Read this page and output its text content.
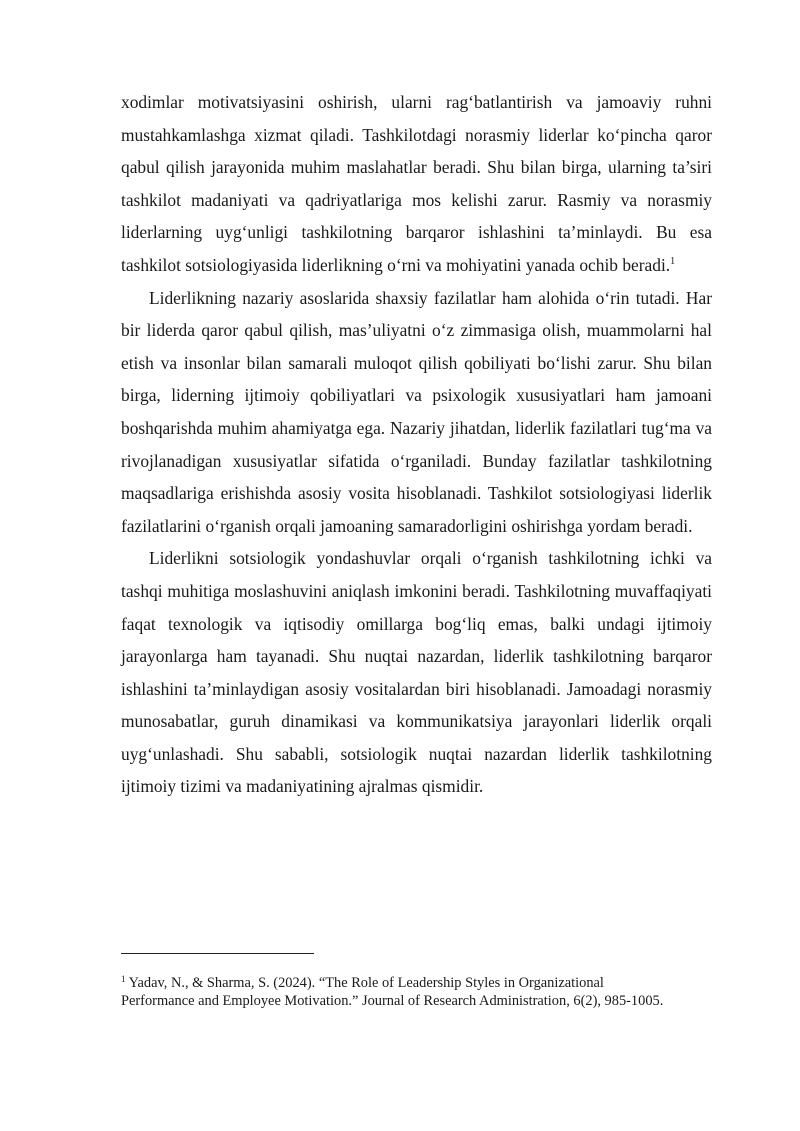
xodimlar motivatsiyasini oshirish, ularni rag‘batlantirish va jamoaviy ruhni mustahkamlashga xizmat qiladi. Tashkilotdagi norasmiy liderlar ko‘pincha qaror qabul qilish jarayonida muhim maslahatlar beradi. Shu bilan birga, ularning ta’siri tashkilot madaniyati va qadriyatlariga mos kelishi zarur. Rasmiy va norasmiy liderlarning uyg‘unligi tashkilotning barqaror ishlashini ta’minlaydi. Bu esa tashkilot sotsiologiyasida liderlikning o‘rni va mohiyatini yanada ochib beradi.$^1$

Liderlikning nazariy asoslarida shaxsiy fazilatlar ham alohida o‘rin tutadi. Har bir liderda qaror qabul qilish, mas’uliyatni o‘z zimmasiga olish, muammolarni hal etish va insonlar bilan samarali muloqot qilish qobiliyati bo‘lishi zarur. Shu bilan birga, liderning ijtimoiy qobiliyatlari va psixologik xususiyatlari ham jamoani boshqarishda muhim ahamiyatga ega. Nazariy jihatdan, liderlik fazilatlari tug‘ma va rivojlanadigan xususiyatlar sifatida o‘rganiladi. Bunday fazilatlar tashkilotning maqsadlariga erishishda asosiy vosita hisoblanadi. Tashkilot sotsiologiyasi liderlik fazilatlarini o‘rganish orqali jamoaning samaradorligini oshirishga yordam beradi.

Liderlikni sotsiologik yondashuvlar orqali o‘rganish tashkilotning ichki va tashqi muhitiga moslashuvini aniqlash imkonini beradi. Tashkilotning muvaffaqiyati faqat texnologik va iqtisodiy omillarga bog‘liq emas, balki undagi ijtimoiy jarayonlarga ham tayanadi. Shu nuqtai nazardan, liderlik tashkilotning barqaror ishlashini ta’minlaydigan asosiy vositalardan biri hisoblanadi. Jamoadagi norasmiy munosabatlar, guruh dinamikasi va kommunikatsiya jarayonlari liderlik orqali uyg‘unlashadi. Shu sababli, sotsiologik nuqtai nazardan liderlik tashkilotning ijtimoiy tizimi va madaniyatining ajralmas qismidir.

$^1$ Yadav, N., & Sharma, S. (2024). “The Role of Leadership Styles in Organizational Performance and Employee Motivation.” Journal of Research Administration, 6(2), 985-1005.
